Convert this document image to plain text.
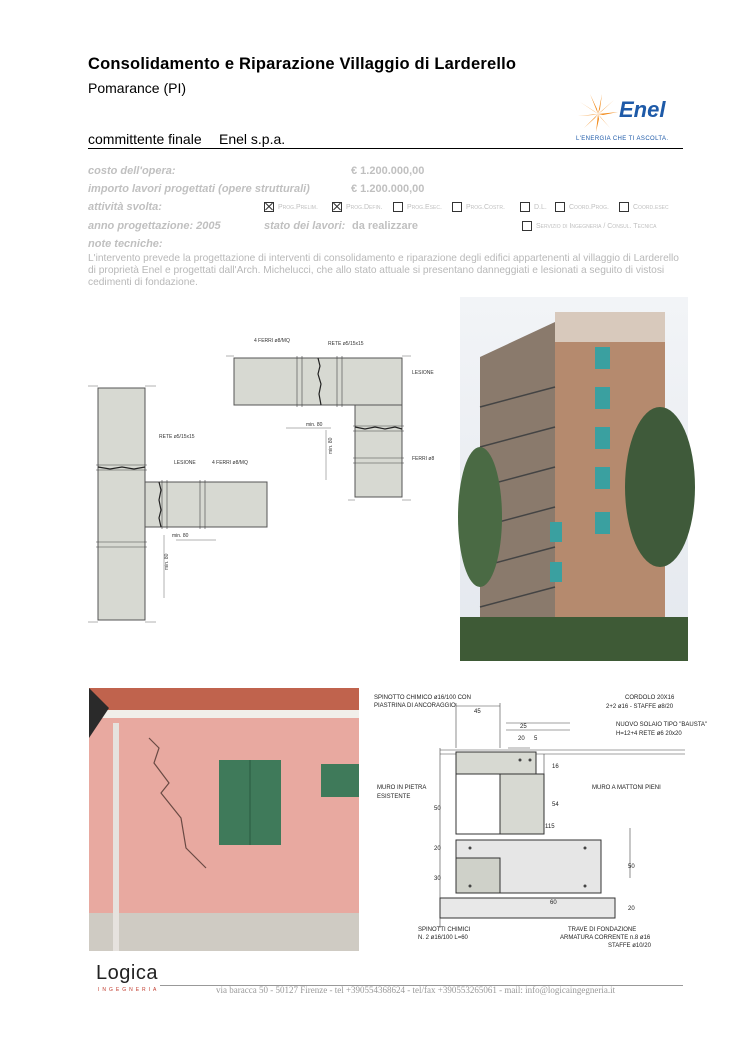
Consolidamento e Riparazione Villaggio di Larderello
Pomarance (PI)
Enel
L'ENERGIA CHE TI ASCOLTA.
committente finale Enel s.p.a.
costo dell'opera:	€ 1.200.000,00
importo lavori progettati (opere strutturali)	€ 1.200.000,00
attività svolta:	Prog.Prelim.	Prog.Defin.	Prog.Esec.	Prog.Costr.	D.L.	Coord.Prog.	Coord.esec
anno progettazione: 2005	stato dei lavori: da realizzare	Servizio di Ingegneria / Consul. Tecnica
note tecniche:
L'intervento prevede la progettazione di interventi di consolidamento e riparazione degli edifici appartenenti al villaggio di Larderello di proprietà Enel e progettati dall'Arch. Michelucci, che allo stato attuale si presentano danneggiati e lesionati a seguito di vistosi cedimenti di fondazione.
4 FERRI ø8/MQ	RETE ø5/15x15
LESIONE
min. 80
min. 80
FERRI ø8
RETE ø5/15x15
LESIONE	4 FERRI ø8/MQ
min. 80
min. 80
SPINOTTO CHIMICO ø16/100 CON
PIASTRINA DI ANCORAGGIO
CORDOLO 20X16
2+2 ø16 - STAFFE ø8/20
NUOVO SOLAIO TIPO "BAUSTA"
H=12+4 RETE ø6 20x20
MURO IN PIETRA
ESISTENTE
MURO A MATTONI PIENI
SPINOTTI CHIMICI
N. 2 ø16/100 L=60
TRAVE DI FONDAZIONE
ARMATURA CORRENTE n.8 ø16
STAFFE ø10/20
45
25
20 5
16
54
50
115
20
30
50
20
60
Logica
INGEGNERIA	via baracca 50 - 50127 Firenze - tel +390554368624 - tel/fax +390553265061 - mail: info@logicaingegneria.it
